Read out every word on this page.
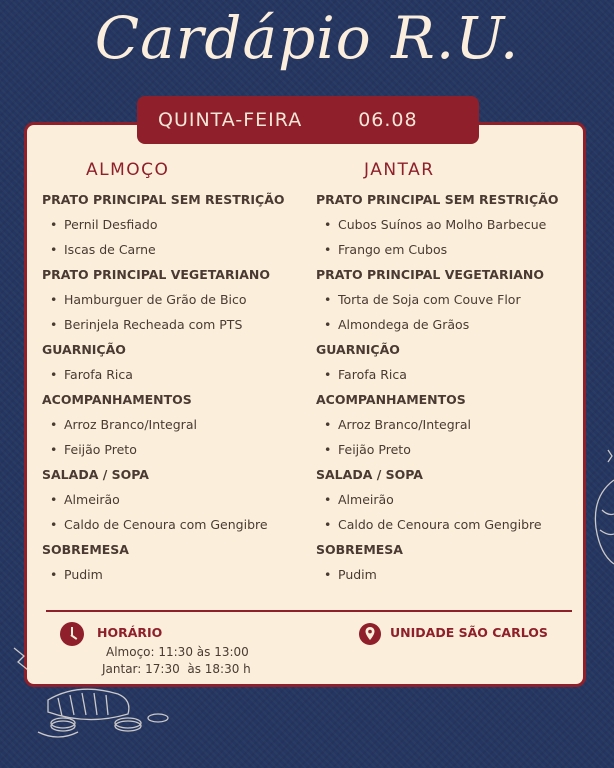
Cardápio R.U.
QUINTA-FEIRA	06.08
ALMOÇO
PRATO PRINCIPAL SEM RESTRIÇÃO
• Pernil Desfiado
• Iscas de Carne
PRATO PRINCIPAL VEGETARIANO
• Hamburguer de Grão de Bico
• Berinjela Recheada com PTS
GUARNIÇÃO
• Farofa Rica
ACOMPANHAMENTOS
• Arroz Branco/Integral
• Feijão Preto
SALADA / SOPA
• Almeirão
• Caldo de Cenoura com Gengibre
SOBREMESA
• Pudim
JANTAR
PRATO PRINCIPAL SEM RESTRIÇÃO
• Cubos Suínos ao Molho Barbecue
• Frango em Cubos
PRATO PRINCIPAL VEGETARIANO
• Torta de Soja com Couve Flor
• Almondega de Grãos
GUARNIÇÃO
• Farofa Rica
ACOMPANHAMENTOS
• Arroz Branco/Integral
• Feijão Preto
SALADA / SOPA
• Almeirão
• Caldo de Cenoura com Gengibre
SOBREMESA
• Pudim
HORÁRIO
Almoço: 11:30 às 13:00
Jantar: 17:30  às 18:30 h
UNIDADE SÃO CARLOS
